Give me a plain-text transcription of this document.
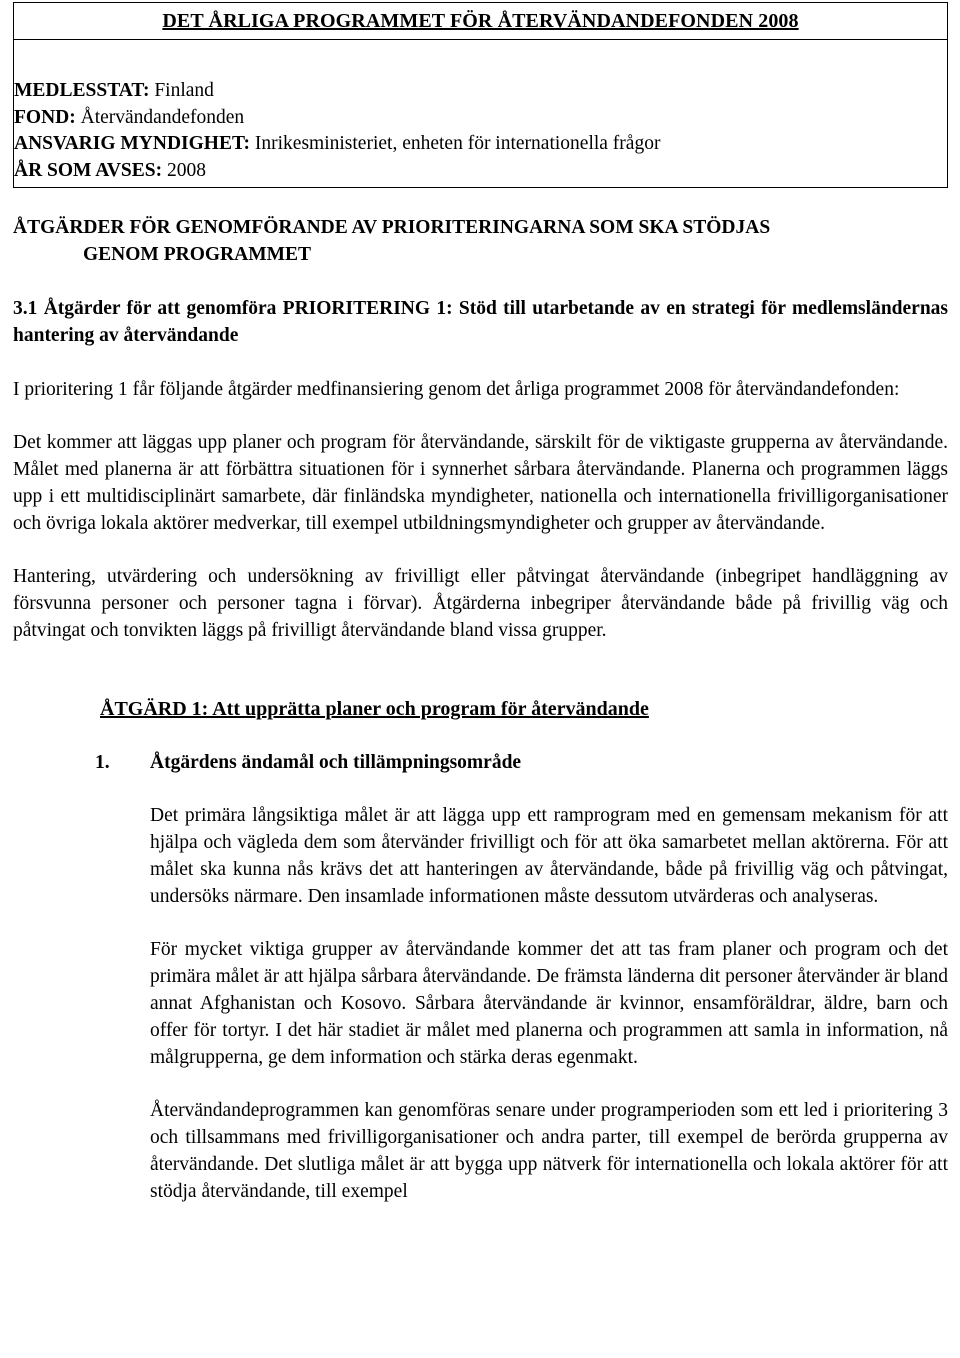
DET ÅRLIGA PROGRAMMET FÖR ÅTERVÄNDANDEFONDEN 2008
MEDLESSTAT: Finland
FOND: Återvändandefonden
ANSVARIG MYNDIGHET: Inrikesministeriet, enheten för internationella frågor
ÅR SOM AVSES: 2008
ÅTGÄRDER FÖR GENOMFÖRANDE AV PRIORITERINGARNA SOM SKA STÖDJAS
GENOM PROGRAMMET
3.1 Åtgärder för att genomföra PRIORITERING 1: Stöd till utarbetande av en strategi för medlemsländernas hantering av återvändande

I prioritering 1 får följande åtgärder medfinansiering genom det årliga programmet 2008 för återvändandefonden:

Det kommer att läggas upp planer och program för återvändande, särskilt för de viktigaste grupperna av återvändande. Målet med planerna är att förbättra situationen för i synnerhet sårbara återvändande. Planerna och programmen läggs upp i ett multidisciplinärt samarbete, där finländska myndigheter, nationella och internationella frivilligorganisationer och övriga lokala aktörer medverkar, till exempel utbildningsmyndigheter och grupper av återvändande.

Hantering, utvärdering och undersökning av frivilligt eller påtvingat återvändande (inbegripet handläggning av försvunna personer och personer tagna i förvar). Åtgärderna inbegriper återvändande både på frivillig väg och påtvingat och tonvikten läggs på frivilligt återvändande bland vissa grupper.

ÅTGÄRD 1: Att upprätta planer och program för återvändande
1. Åtgärdens ändamål och tillämpningsområde

Det primära långsiktiga målet är att lägga upp ett ramprogram med en gemensam mekanism för att hjälpa och vägleda dem som återvänder frivilligt och för att öka samarbetet mellan aktörerna. För att målet ska kunna nås krävs det att hanteringen av återvändande, både på frivillig väg och påtvingat, undersöks närmare. Den insamlade informationen måste dessutom utvärderas och analyseras.

För mycket viktiga grupper av återvändande kommer det att tas fram planer och program och det primära målet är att hjälpa sårbara återvändande. De främsta länderna dit personer återvänder är bland annat Afghanistan och Kosovo. Sårbara återvändande är kvinnor, ensamföräldrar, äldre, barn och offer för tortyr. I det här stadiet är målet med planerna och programmen att samla in information, nå målgrupperna, ge dem information och stärka deras egenmakt.

Återvändandeprogrammen kan genomföras senare under programperioden som ett led i prioritering 3 och tillsammans med frivilligorganisationer och andra parter, till exempel de berörda grupperna av återvändande. Det slutliga målet är att bygga upp nätverk för internationella och lokala aktörer för att stödja återvändande, till exempel
